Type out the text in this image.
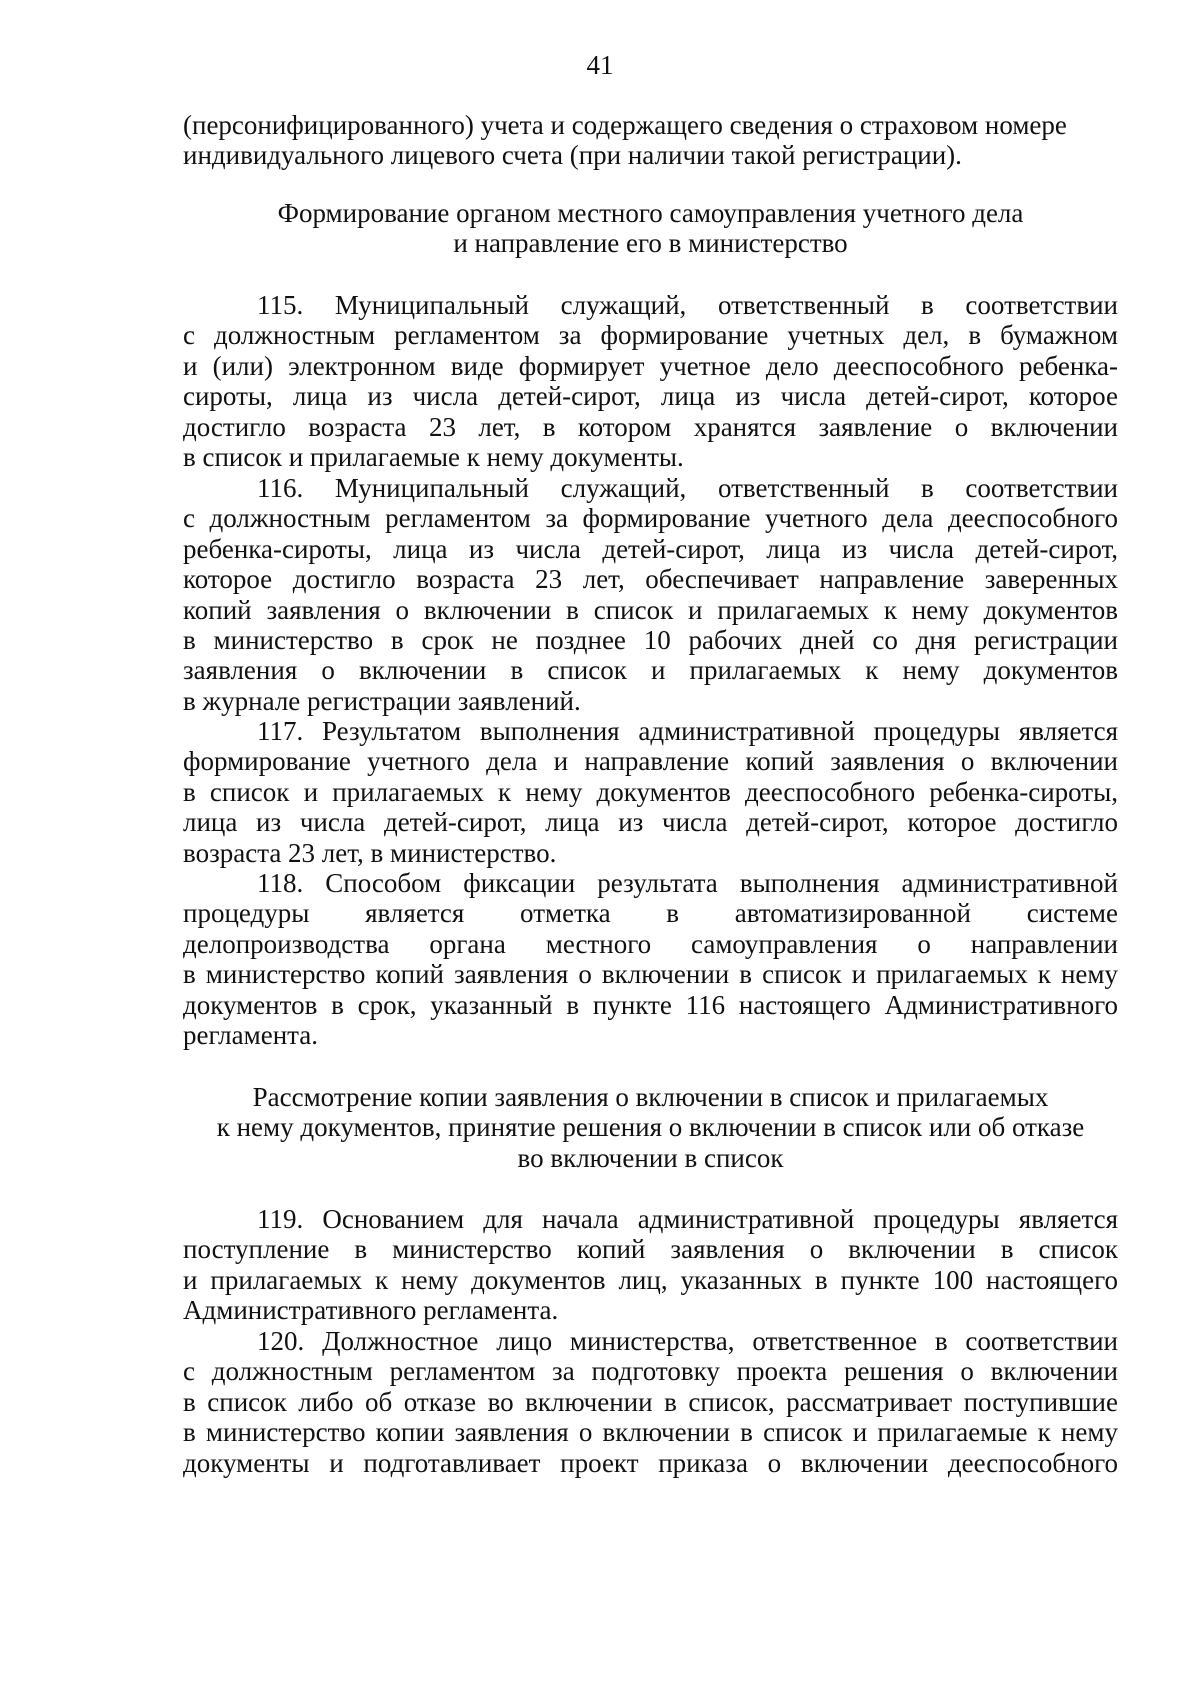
41
(персонифицированного) учета и содержащего сведения о страховом номере
индивидуального лицевого счета (при наличии такой регистрации).
Формирование органом местного самоуправления учетного дела
и направление его в министерство
115. Муниципальный служащий, ответственный в соответствии
с должностным регламентом за формирование учетных дел, в бумажном
и (или) электронном виде формирует учетное дело дееспособного ребенка-
сироты, лица из числа детей-сирот, лица из числа детей-сирот, которое
достигло возраста 23 лет, в котором хранятся заявление о включении
в список и прилагаемые к нему документы.
116. Муниципальный служащий, ответственный в соответствии
с должностным регламентом за формирование учетного дела дееспособного
ребенка-сироты, лица из числа детей-сирот, лица из числа детей-сирот,
которое достигло возраста 23 лет, обеспечивает направление заверенных
копий заявления о включении в список и прилагаемых к нему документов
в министерство в срок не позднее 10 рабочих дней со дня регистрации
заявления о включении в список и прилагаемых к нему документов
в журнале регистрации заявлений.
117. Результатом выполнения административной процедуры является
формирование учетного дела и направление копий заявления о включении
в список и прилагаемых к нему документов дееспособного ребенка-сироты,
лица из числа детей-сирот, лица из числа детей-сирот, которое достигло
возраста 23 лет, в министерство.
118. Способом фиксации результата выполнения административной
процедуры является отметка в автоматизированной системе
делопроизводства органа местного самоуправления о направлении
в министерство копий заявления о включении в список и прилагаемых к нему
документов в срок, указанный в пункте 116 настоящего Административного
регламента.
Рассмотрение копии заявления о включении в список и прилагаемых
к нему документов, принятие решения о включении в список или об отказе
во включении в список
119. Основанием для начала административной процедуры является
поступление в министерство копий заявления о включении в список
и прилагаемых к нему документов лиц, указанных в пункте 100 настоящего
Административного регламента.
120. Должностное лицо министерства, ответственное в соответствии
с должностным регламентом за подготовку проекта решения о включении
в список либо об отказе во включении в список, рассматривает поступившие
в министерство копии заявления о включении в список и прилагаемые к нему
документы и подготавливает проект приказа о включении дееспособного
